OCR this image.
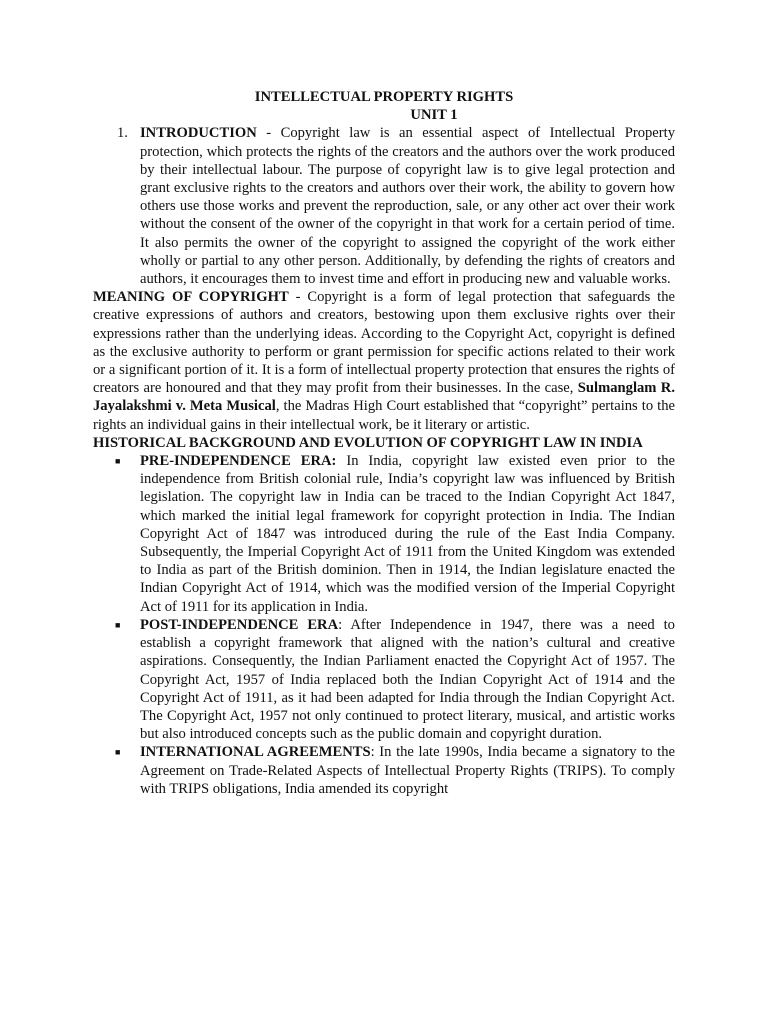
INTELLECTUAL PROPERTY RIGHTS

UNIT 1

1. INTRODUCTION - Copyright law is an essential aspect of Intellectual Property protection, which protects the rights of the creators and the authors over the work produced by their intellectual labour. The purpose of copyright law is to give legal protection and grant exclusive rights to the creators and authors over their work, the ability to govern how others use those works and prevent the reproduction, sale, or any other act over their work without the consent of the owner of the copyright in that work for a certain period of time. It also permits the owner of the copyright to assigned the copyright of the work either wholly or partial to any other person. Additionally, by defending the rights of creators and authors, it encourages them to invest time and effort in producing new and valuable works.

MEANING OF COPYRIGHT - Copyright is a form of legal protection that safeguards the creative expressions of authors and creators, bestowing upon them exclusive rights over their expressions rather than the underlying ideas. According to the Copyright Act, copyright is defined as the exclusive authority to perform or grant permission for specific actions related to their work or a significant portion of it. It is a form of intellectual property protection that ensures the rights of creators are honoured and that they may profit from their businesses. In the case, Sulmanglam R. Jayalakshmi v. Meta Musical, the Madras High Court established that “copyright” pertains to the rights an individual gains in their intellectual work, be it literary or artistic.

HISTORICAL BACKGROUND AND EVOLUTION OF COPYRIGHT LAW IN INDIA

■ PRE-INDEPENDENCE ERA: In India, copyright law existed even prior to the independence from British colonial rule, India’s copyright law was influenced by British legislation. The copyright law in India can be traced to the Indian Copyright Act 1847, which marked the initial legal framework for copyright protection in India. The Indian Copyright Act of 1847 was introduced during the rule of the East India Company. Subsequently, the Imperial Copyright Act of 1911 from the United Kingdom was extended to India as part of the British dominion. Then in 1914, the Indian legislature enacted the Indian Copyright Act of 1914, which was the modified version of the Imperial Copyright Act of 1911 for its application in India.
■ POST-INDEPENDENCE ERA: After Independence in 1947, there was a need to establish a copyright framework that aligned with the nation’s cultural and creative aspirations. Consequently, the Indian Parliament enacted the Copyright Act of 1957. The Copyright Act, 1957 of India replaced both the Indian Copyright Act of 1914 and the Copyright Act of 1911, as it had been adapted for India through the Indian Copyright Act. The Copyright Act, 1957 not only continued to protect literary, musical, and artistic works but also introduced concepts such as the public domain and copyright duration.
■ INTERNATIONAL AGREEMENTS: In the late 1990s, India became a signatory to the Agreement on Trade-Related Aspects of Intellectual Property Rights (TRIPS). To comply with TRIPS obligations, India amended its copyright
